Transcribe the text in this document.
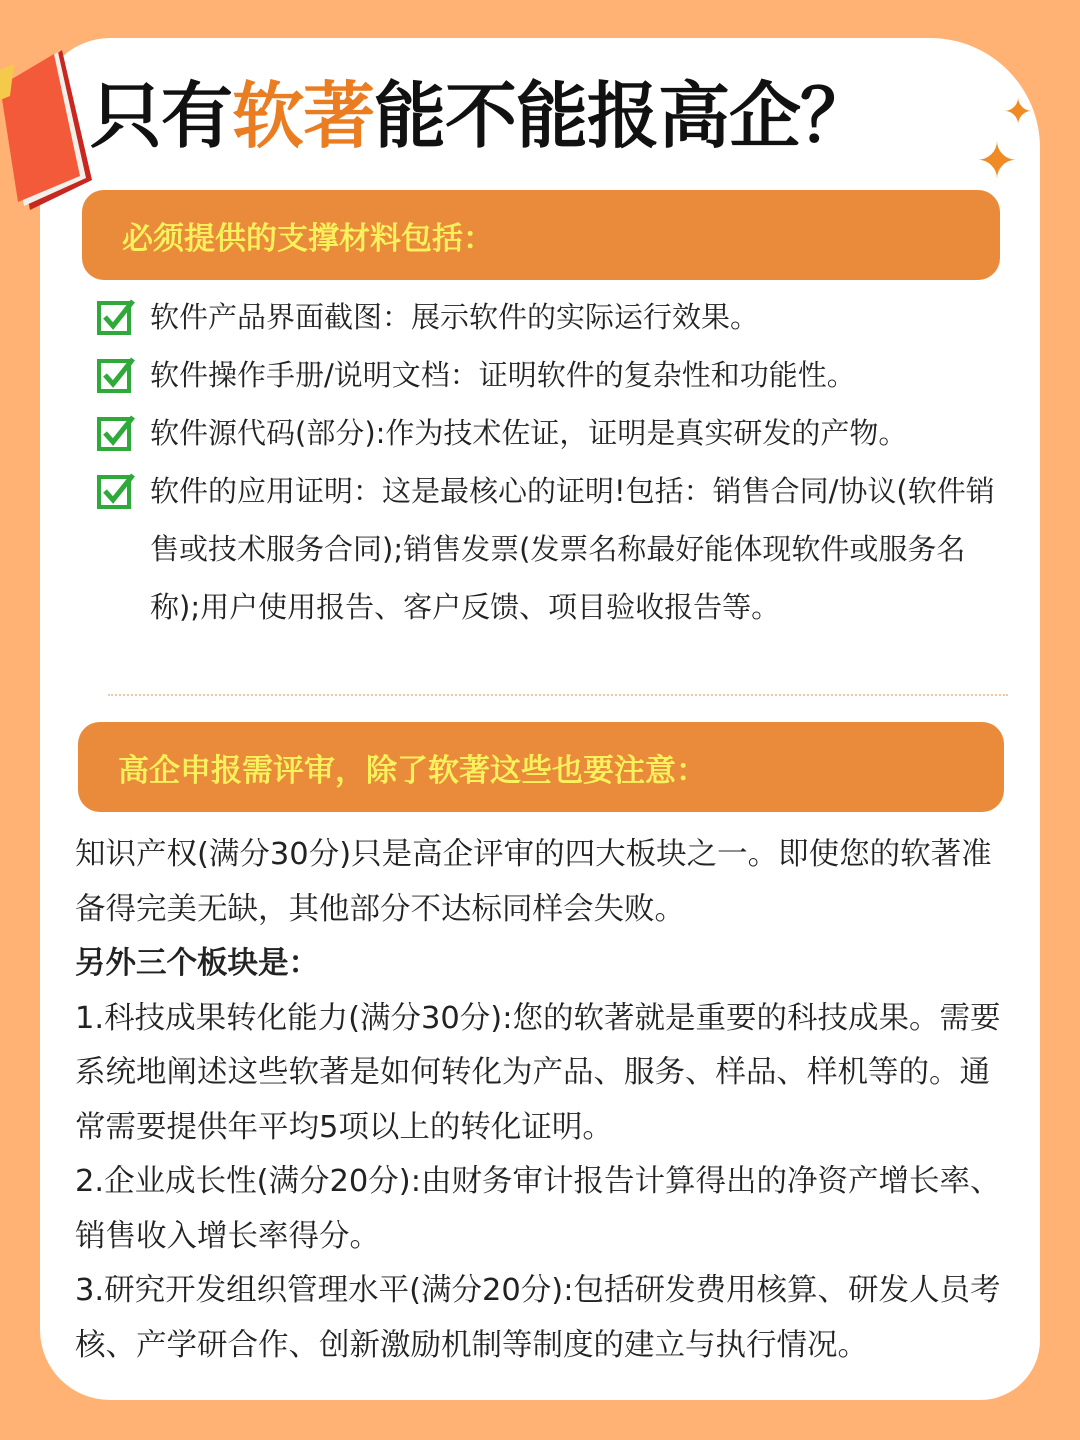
只有软著能不能报高企？	✦
✦
必须提供的支撑材料包括：
软件产品界面截图：展示软件的实际运行效果。
软件操作手册/说明文档：证明软件的复杂性和功能性。
软件源代码(部分):作为技术佐证，证明是真实研发的产物。
软件的应用证明：这是最核心的证明!包括：销售合同/协议(软件销售或技术服务合同);销售发票(发票名称最好能体现软件或服务名称);用户使用报告、客户反馈、项目验收报告等。
高企申报需评审，除了软著这些也要注意：

知识产权(满分30分)只是高企评审的四大板块之一。即使您的软著准备得完美无缺，其他部分不达标同样会失败。

另外三个板块是：

1.科技成果转化能力(满分30分):您的软著就是重要的科技成果。需要系统地阐述这些软著是如何转化为产品、服务、样品、样机等的。通常需要提供年平均5项以上的转化证明。

2.企业成长性(满分20分):由财务审计报告计算得出的净资产增长率、销售收入增长率得分。

3.研究开发组织管理水平(满分20分):包括研发费用核算、研发人员考核、产学研合作、创新激励机制等制度的建立与执行情况。
